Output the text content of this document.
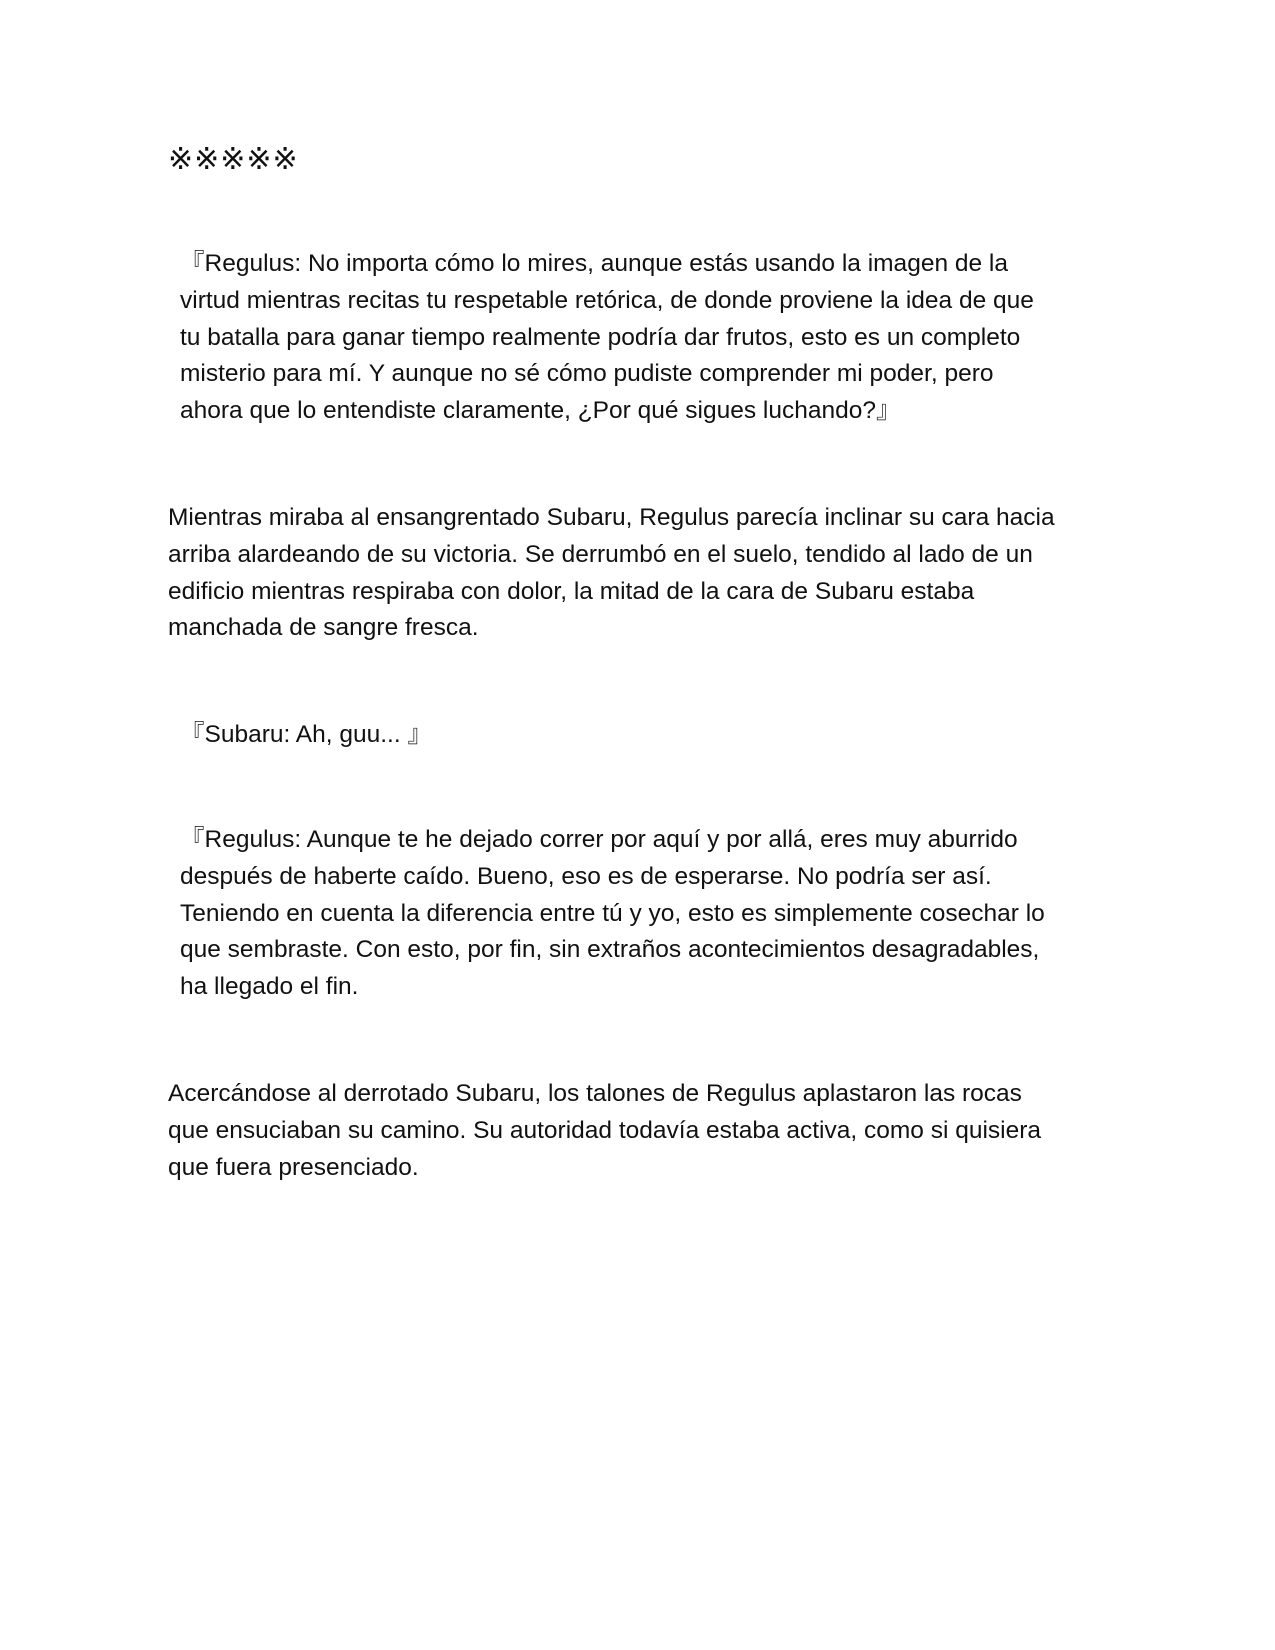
※※※※※

『Regulus: No importa cómo lo mires, aunque estás usando la imagen de la virtud mientras recitas tu respetable retórica, de donde proviene la idea de que tu batalla para ganar tiempo realmente podría dar frutos, esto es un completo misterio para mí. Y aunque no sé cómo pudiste comprender mi poder, pero ahora que lo entendiste claramente, ¿Por qué sigues luchando?』

Mientras miraba al ensangrentado Subaru, Regulus parecía inclinar su cara hacia arriba alardeando de su victoria. Se derrumbó en el suelo, tendido al lado de un edificio mientras respiraba con dolor, la mitad de la cara de Subaru estaba manchada de sangre fresca.

『Subaru: Ah, guu... 』

『Regulus: Aunque te he dejado correr por aquí y por allá, eres muy aburrido después de haberte caído. Bueno, eso es de esperarse. No podría ser así. Teniendo en cuenta la diferencia entre tú y yo, esto es simplemente cosechar lo que sembraste. Con esto, por fin, sin extraños acontecimientos desagradables, ha llegado el fin.

Acercándose al derrotado Subaru, los talones de Regulus aplastaron las rocas que ensuciaban su camino. Su autoridad todavía estaba activa, como si quisiera que fuera presenciado.
